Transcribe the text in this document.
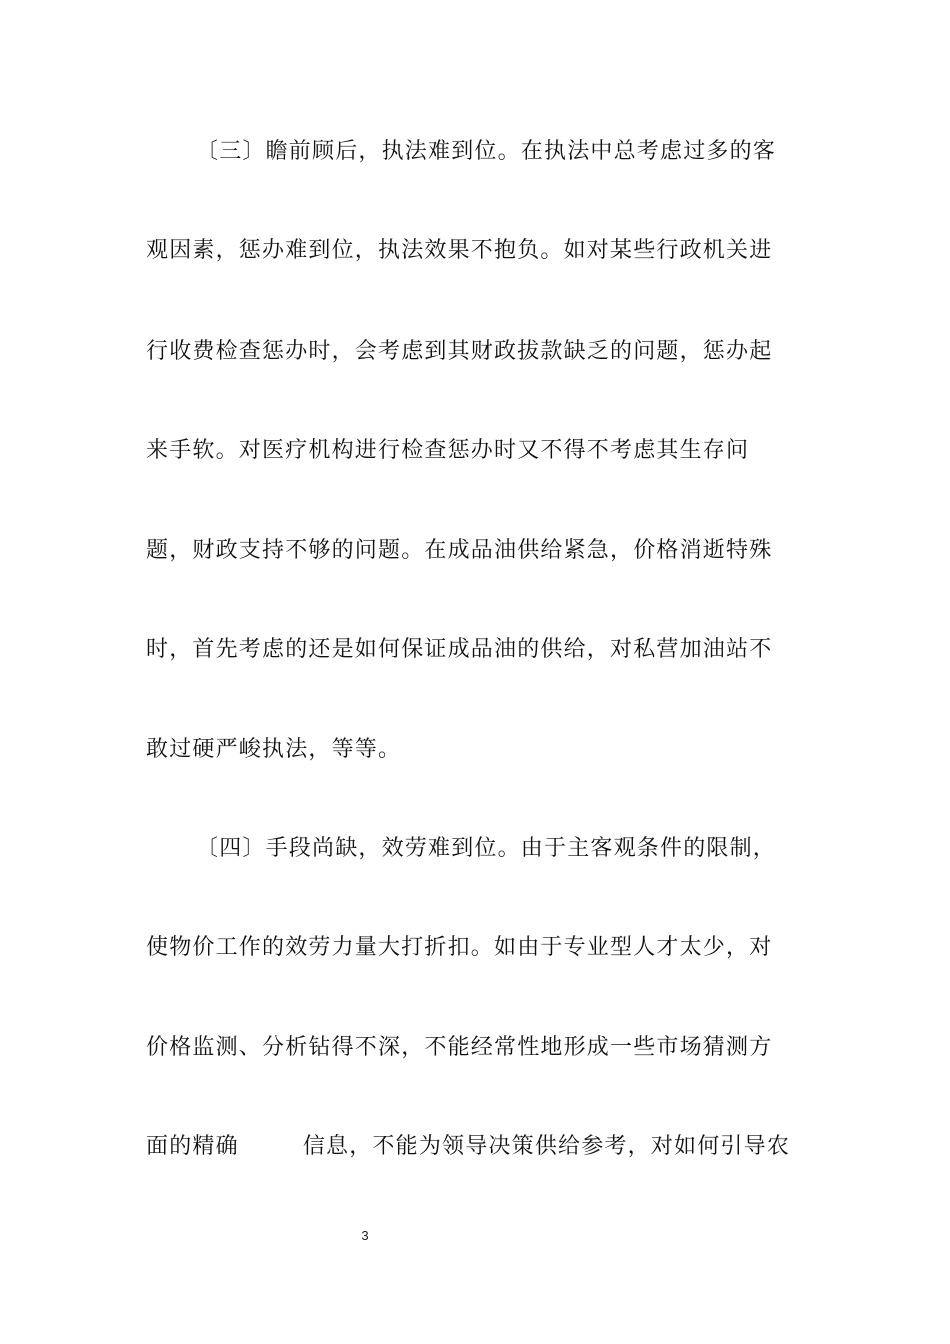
〔三〕瞻前顾后，执法难到位。在执法中总考虑过多的客
观因素，惩办难到位，执法效果不抱负。如对某些行政机关进
行收费检查惩办时，会考虑到其财政拔款缺乏的问题，惩办起
来手软。对医疗机构进行检查惩办时又不得不考虑其生存问
题，财政支持不够的问题。在成品油供给紧急，价格消逝特殊
时，首先考虑的还是如何保证成品油的供给，对私营加油站不
敢过硬严峻执法，等等。
〔四〕手段尚缺，效劳难到位。由于主客观条件的限制，
使物价工作的效劳力量大打折扣。如由于专业型人才太少，对
价格监测、分析钻得不深，不能经常性地形成一些市场猜测方
面的精确	信息，不能为领导决策供给参考，对如何引导农
3
